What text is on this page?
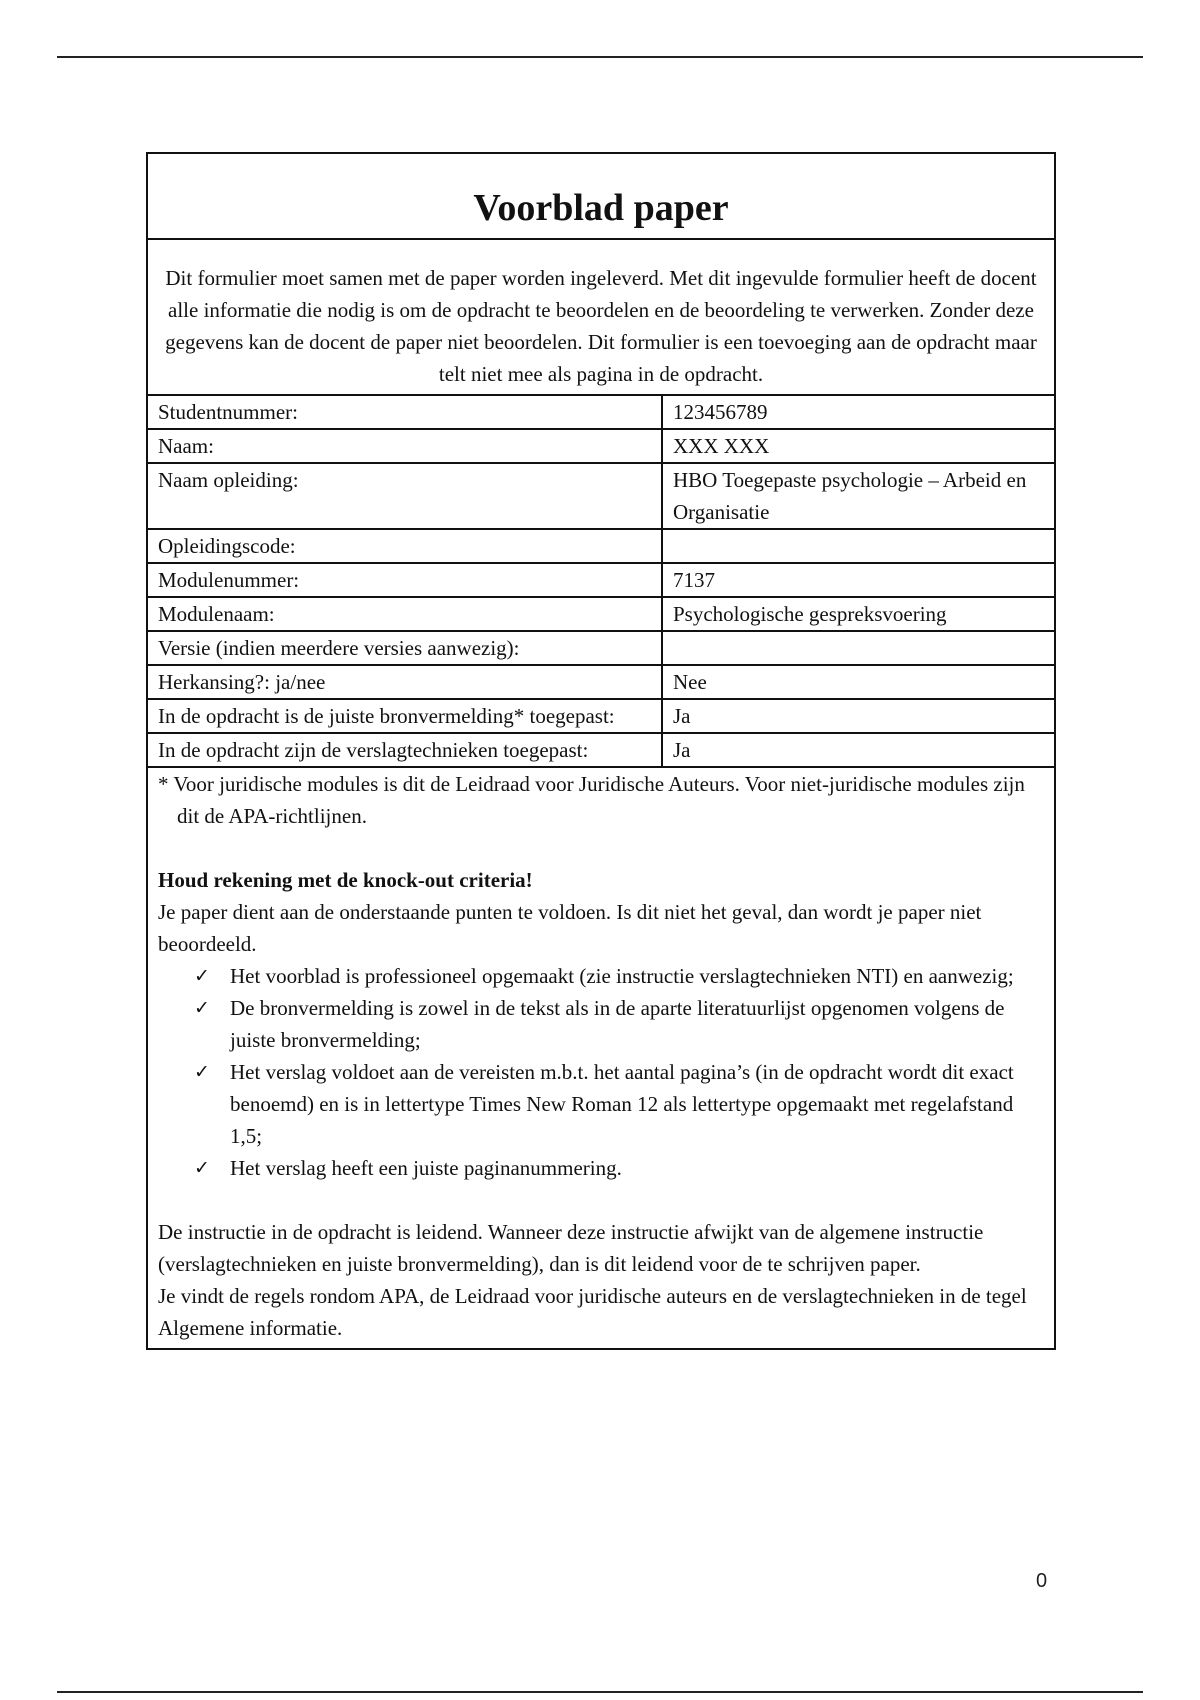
Voorblad paper
Dit formulier moet samen met de paper worden ingeleverd. Met dit ingevulde formulier heeft de docent alle informatie die nodig is om de opdracht te beoordelen en de beoordeling te verwerken. Zonder deze gegevens kan de docent de paper niet beoordelen. Dit formulier is een toevoeging aan de opdracht maar telt niet mee als pagina in de opdracht.
Studentnummer:	123456789
Naam:	XXX XXX
Naam opleiding:	HBO Toegepaste psychologie – Arbeid en Organisatie
Opleidingscode:	
Modulenummer:	7137
Modulenaam:	Psychologische gespreksvoering
Versie (indien meerdere versies aanwezig):	
Herkansing?: ja/nee	Nee
In de opdracht is de juiste bronvermelding* toegepast:	Ja
In de opdracht zijn de verslagtechnieken toegepast:	Ja

* Voor juridische modules is dit de Leidraad voor Juridische Auteurs. Voor niet-juridische modules zijn dit de APA-richtlijnen.

Houd rekening met de knock-out criteria!

Je paper dient aan de onderstaande punten te voldoen. Is dit niet het geval, dan wordt je paper niet beoordeeld.

✓ Het voorblad is professioneel opgemaakt (zie instructie verslagtechnieken NTI) en aanwezig;
✓ De bronvermelding is zowel in de tekst als in de aparte literatuurlijst opgenomen volgens de juiste bronvermelding;
✓ Het verslag voldoet aan de vereisten m.b.t. het aantal pagina’s (in de opdracht wordt dit exact benoemd) en is in lettertype Times New Roman 12 als lettertype opgemaakt met regelafstand 1,5;
✓ Het verslag heeft een juiste paginanummering.

De instructie in de opdracht is leidend. Wanneer deze instructie afwijkt van de algemene instructie (verslagtechnieken en juiste bronvermelding), dan is dit leidend voor de te schrijven paper.

Je vindt de regels rondom APA, de Leidraad voor juridische auteurs en de verslagtechnieken in de tegel Algemene informatie.

0
